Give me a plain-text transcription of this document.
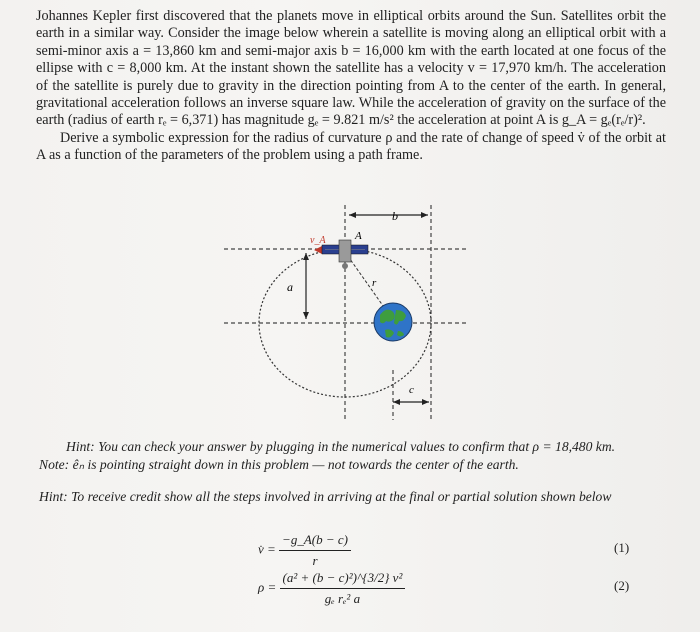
Johannes Kepler first discovered that the planets move in elliptical orbits around the Sun. Satellites orbit the earth in a similar way. Consider the image below wherein a satellite is moving along an elliptical orbit with a semi-minor axis a = 13,860 km and semi-major axis b = 16,000 km with the earth located at one focus of the ellipse with c = 8,000 km. At the instant shown the satellite has a velocity v = 17,970 km/h. The acceleration of the satellite is purely due to gravity in the direction pointing from A to the center of the earth. In general, gravitational acceleration follows an inverse square law. While the acceleration of gravity on the surface of the earth (radius of earth rₑ = 6,371) has magnitude gₑ = 9.821 m/s² the acceleration at point A is g_A = gₑ(rₑ/r)².

Derive a symbolic expression for the radius of curvature ρ and the rate of change of speed v̇ of the orbit at A as a function of the parameters of the problem using a path frame.

b
a
c
r
v_A	A
Hint: You can check your answer by plugging in the numerical values to confirm that ρ = 18,480 km.
Note: êₙ is pointing straight down in this problem — not towards the center of the earth.
Hint: To receive credit show all the steps involved in arriving at the final or partial solution shown below
v̇ = $\frac{-g\_A(b - c)}{r}$	(1)
$\rho = \frac{\text{(a² + (b − c)²)\textasciicircum{}\{3/2\} v²}}{\text{gₑ rₑ² a}}$	(2)
